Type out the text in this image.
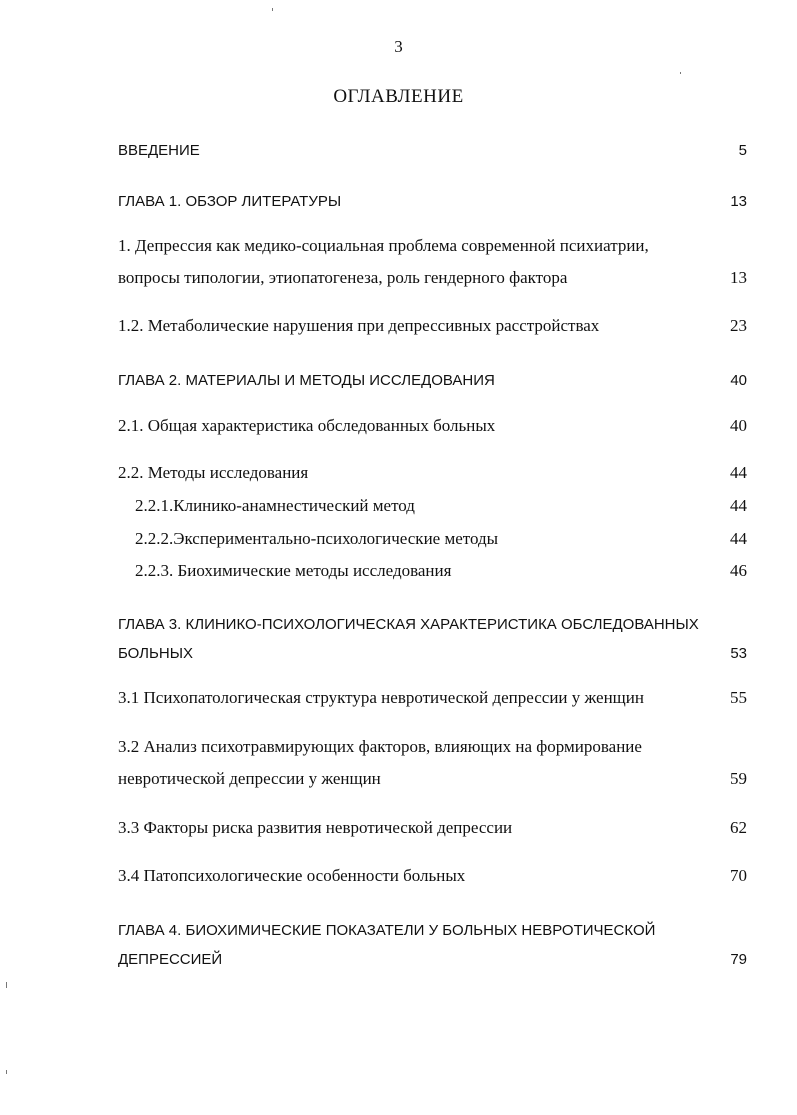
3
ОГЛАВЛЕНИЕ
ВВЕДЕНИЕ	5
ГЛАВА 1. ОБЗОР ЛИТЕРАТУРЫ	13
1. Депрессия как медико-социальная проблема современной психиатрии,
вопросы типологии, этиопатогенеза, роль гендерного фактора	13
1.2. Метаболические нарушения при депрессивных расстройствах	23
ГЛАВА 2. МАТЕРИАЛЫ И МЕТОДЫ ИССЛЕДОВАНИЯ	40
2.1. Общая характеристика обследованных больных	40
2.2. Методы исследования	44
2.2.1.Клинико-анамнестический метод	44
2.2.2.Экспериментально-психологические методы	44
2.2.3. Биохимические методы исследования	46
ГЛАВА 3. КЛИНИКО-ПСИХОЛОГИЧЕСКАЯ ХАРАКТЕРИСТИКА ОБСЛЕДОВАННЫХ
БОЛЬНЫХ	53
3.1 Психопатологическая структура невротической депрессии у женщин	55
3.2 Анализ психотравмирующих факторов, влияющих на формирование
невротической депрессии у женщин	59
3.3 Факторы риска развития невротической депрессии	62
3.4 Патопсихологические особенности больных	70
ГЛАВА 4. БИОХИМИЧЕСКИЕ ПОКАЗАТЕЛИ У БОЛЬНЫХ НЕВРОТИЧЕСКОЙ
ДЕПРЕССИЕЙ	79
